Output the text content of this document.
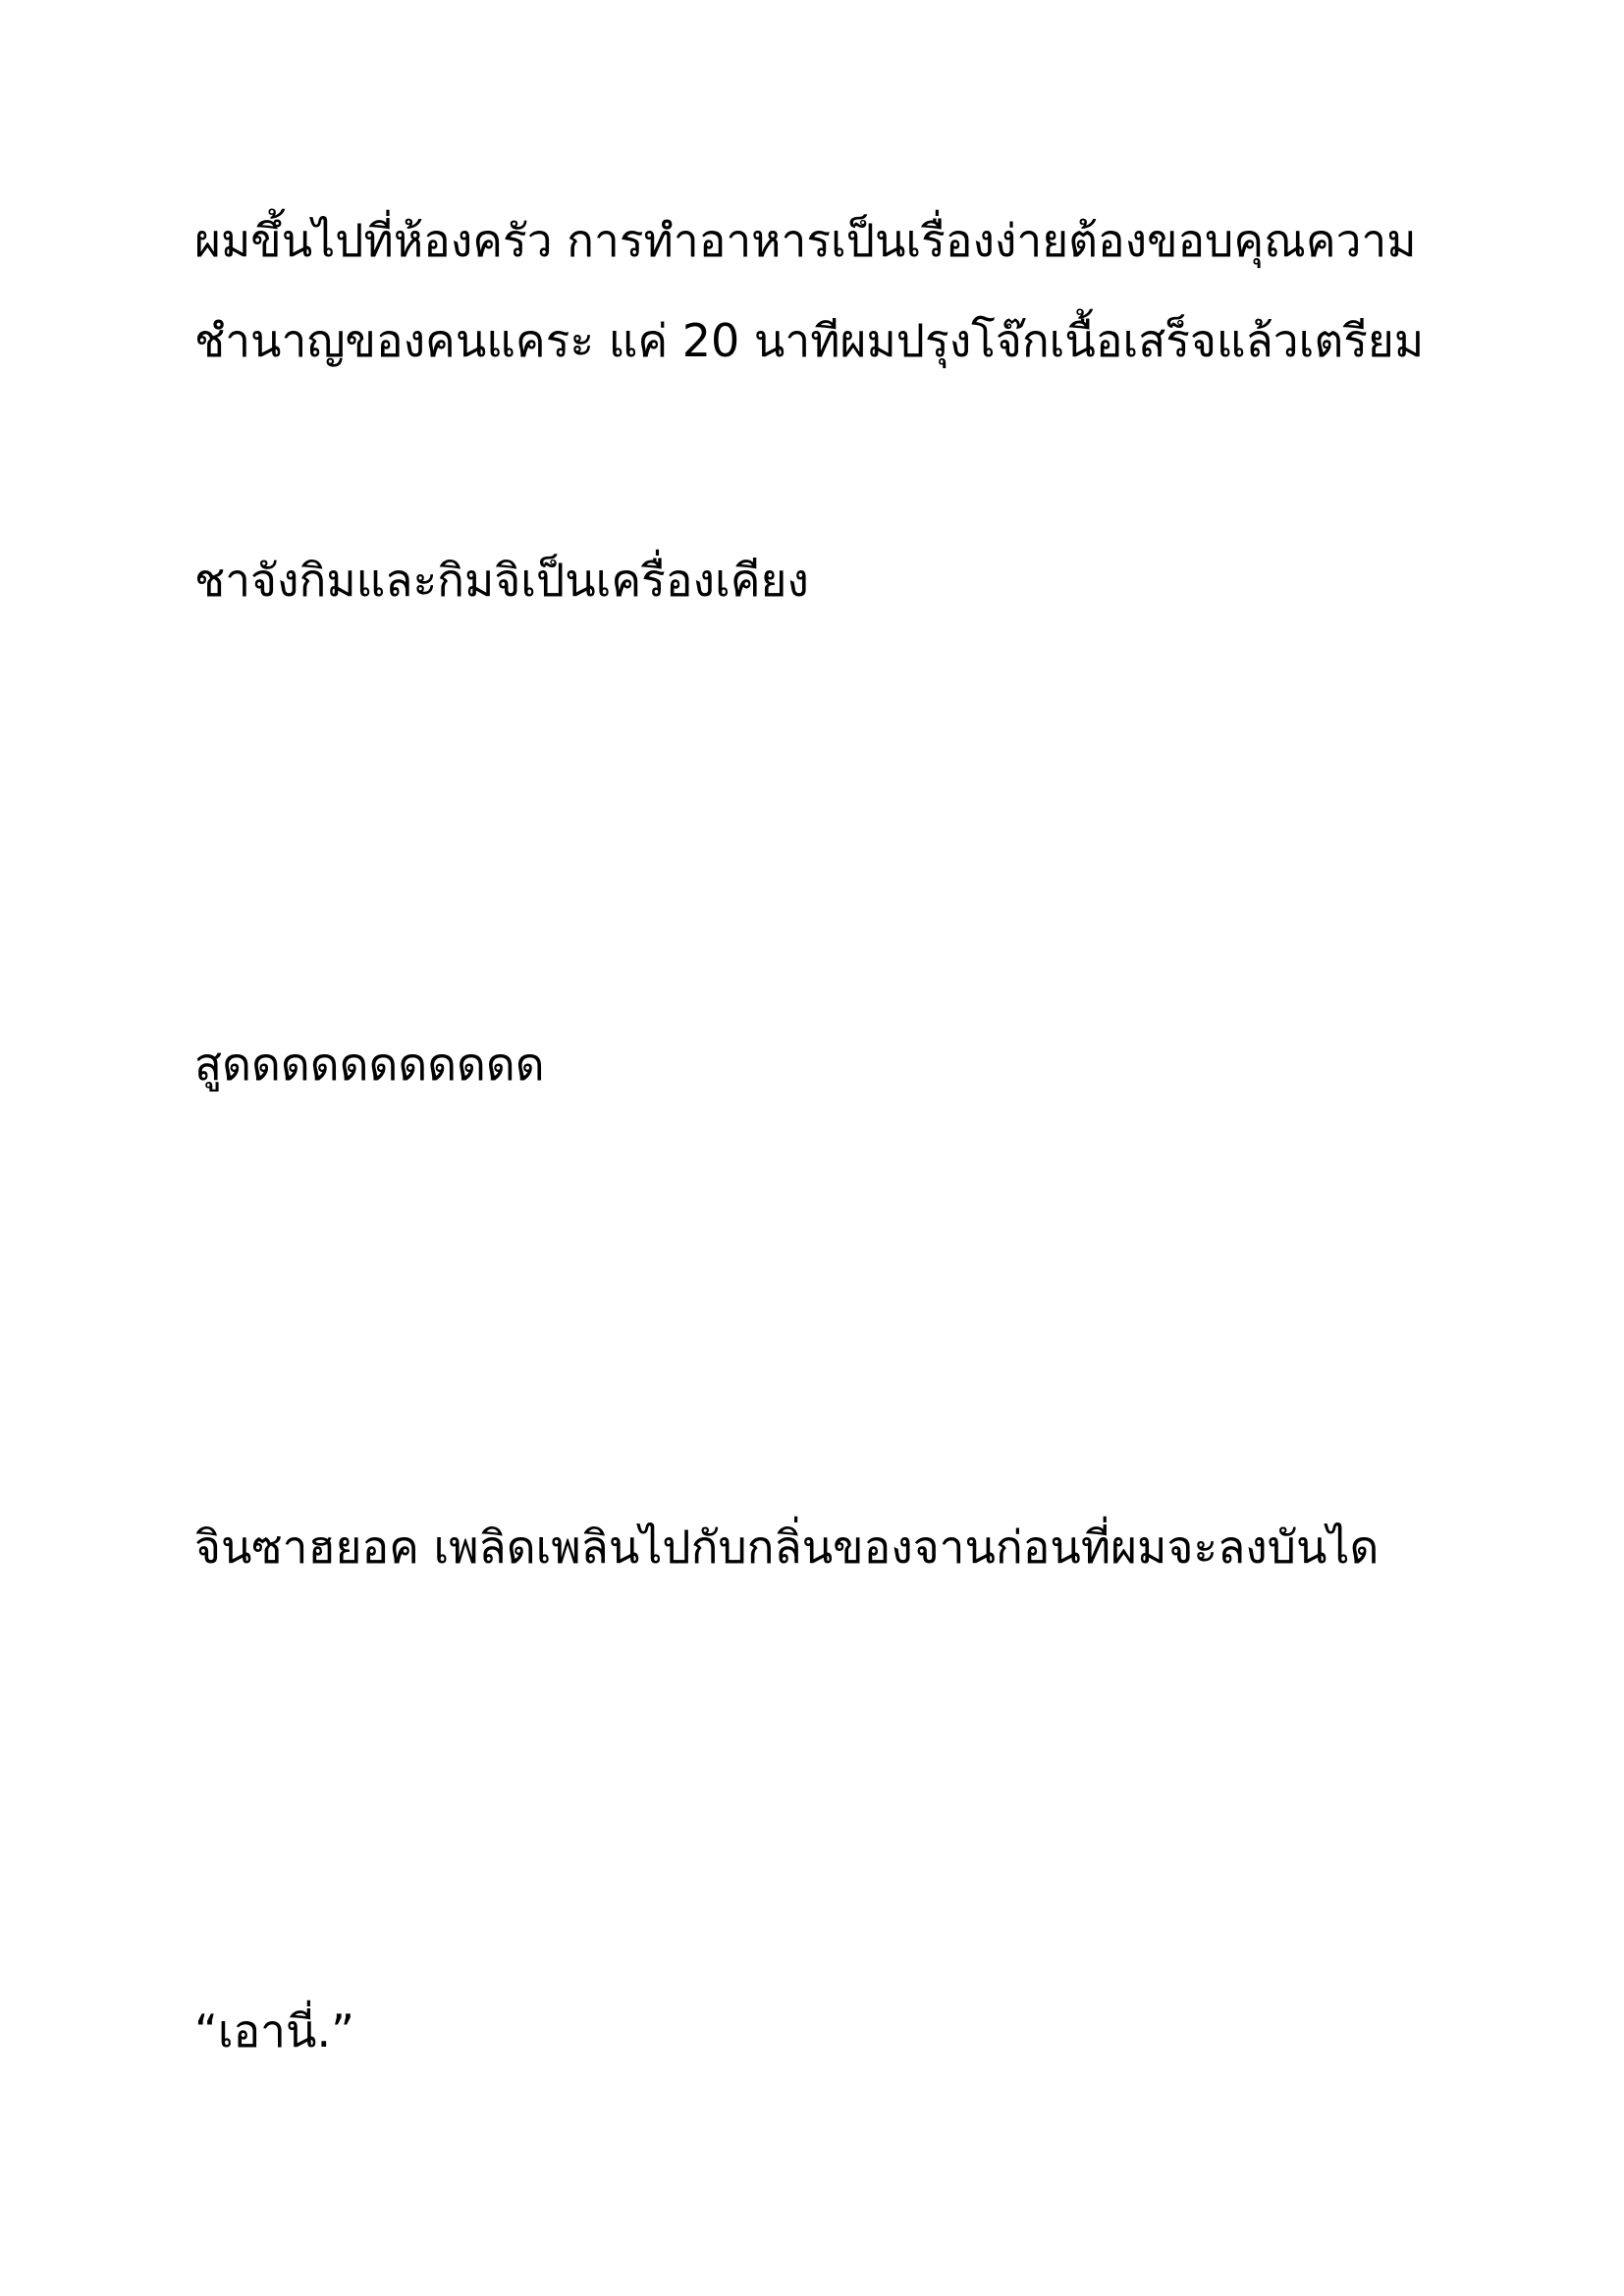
ผมขึ้นไปที่ห้องครัว การทำอาหารเป็นเรื่องง่ายต้องขอบคุณความ

ชำนาญของคนแคระ แค่ 20 นาทีผมปรุงโจ๊กเนื้อเสร็จแล้วเตรียม

ชาจังกิมและกิมจิเป็นเครื่องเคียง

สูดดดดดดดดดดด

จินซาฮยอค เพลิดเพลินไปกับกลิ่นของจานก่อนที่ผมจะลงบันได

“เอานี่.”
